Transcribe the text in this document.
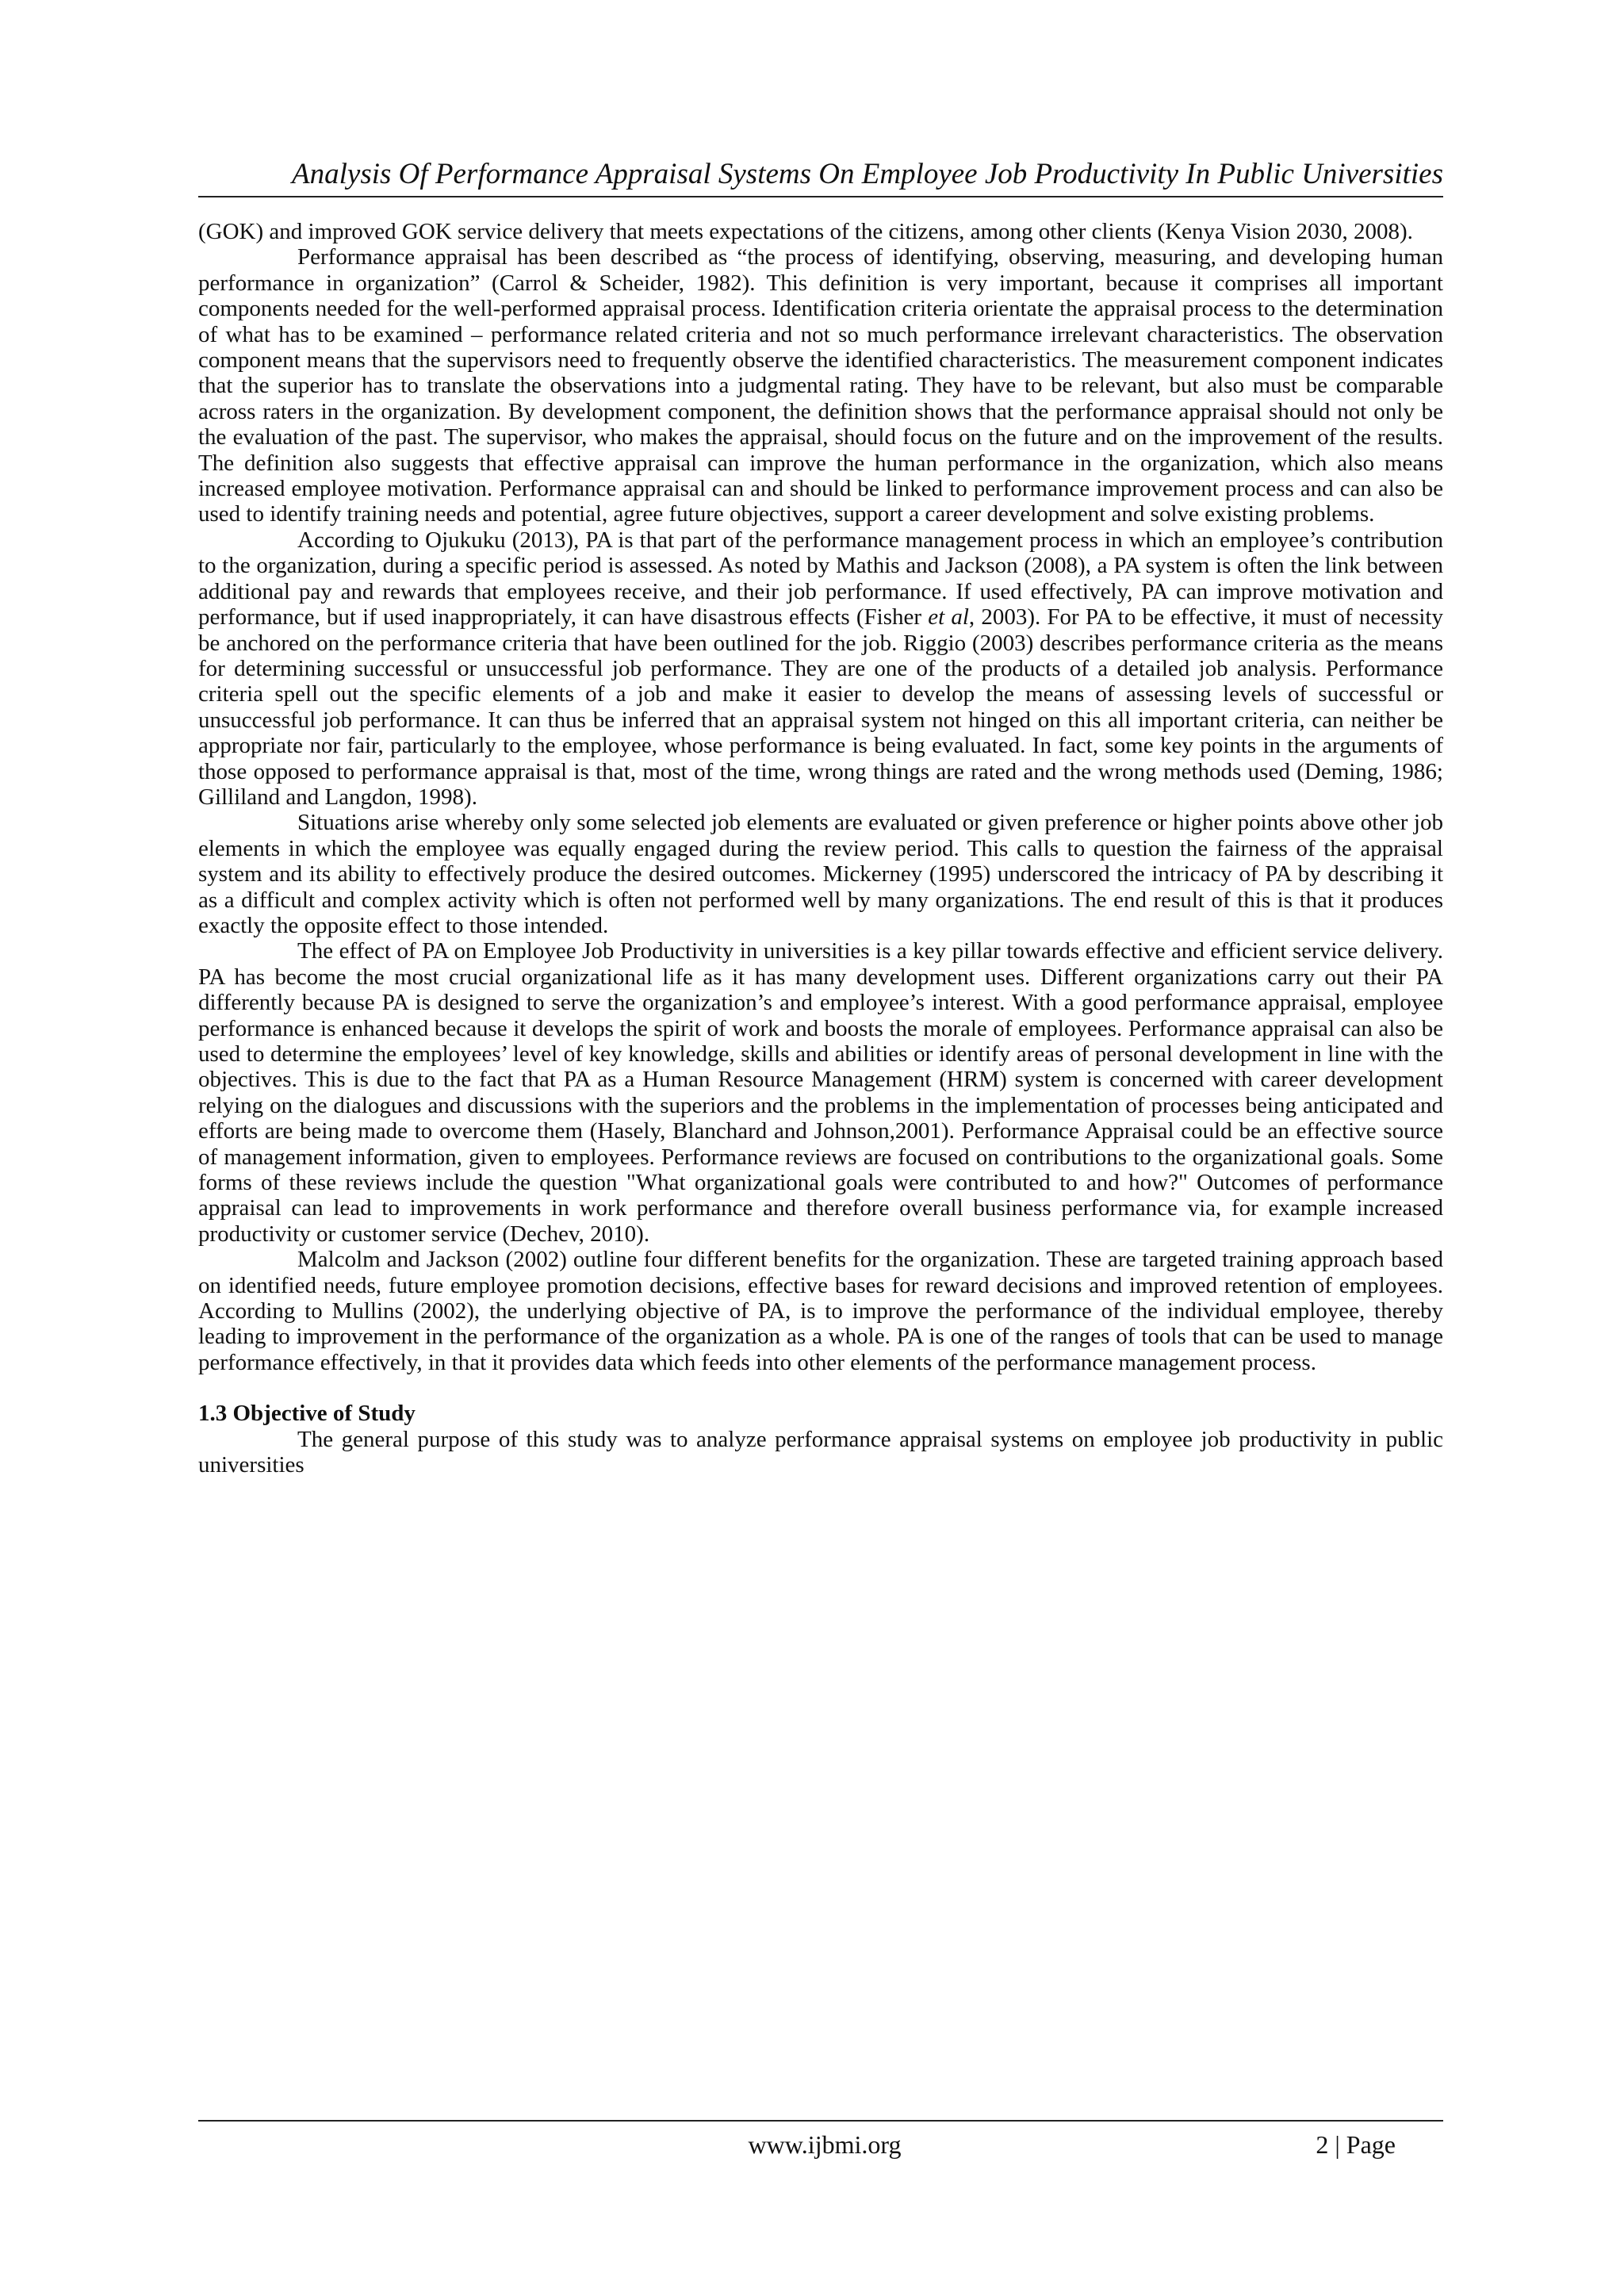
Analysis Of Performance Appraisal Systems On Employee Job Productivity In Public Universities

(GOK) and improved GOK service delivery that meets expectations of the citizens, among other clients (Kenya Vision 2030, 2008).

Performance appraisal has been described as “the process of identifying, observing, measuring, and developing human performance in organization” (Carrol & Scheider, 1982). This definition is very important, because it comprises all important components needed for the well-performed appraisal process. Identification criteria orientate the appraisal process to the determination of what has to be examined – performance related criteria and not so much performance irrelevant characteristics. The observation component means that the supervisors need to frequently observe the identified characteristics. The measurement component indicates that the superior has to translate the observations into a judgmental rating. They have to be relevant, but also must be comparable across raters in the organization. By development component, the definition shows that the performance appraisal should not only be the evaluation of the past. The supervisor, who makes the appraisal, should focus on the future and on the improvement of the results. The definition also suggests that effective appraisal can improve the human performance in the organization, which also means increased employee motivation. Performance appraisal can and should be linked to performance improvement process and can also be used to identify training needs and potential, agree future objectives, support a career development and solve existing problems.

According to Ojukuku (2013), PA is that part of the performance management process in which an employee’s contribution to the organization, during a specific period is assessed. As noted by Mathis and Jackson (2008), a PA system is often the link between additional pay and rewards that employees receive, and their job performance. If used effectively, PA can improve motivation and performance, but if used inappropriately, it can have disastrous effects (Fisher et al, 2003). For PA to be effective, it must of necessity be anchored on the performance criteria that have been outlined for the job. Riggio (2003) describes performance criteria as the means for determining successful or unsuccessful job performance. They are one of the products of a detailed job analysis. Performance criteria spell out the specific elements of a job and make it easier to develop the means of assessing levels of successful or unsuccessful job performance. It can thus be inferred that an appraisal system not hinged on this all important criteria, can neither be appropriate nor fair, particularly to the employee, whose performance is being evaluated. In fact, some key points in the arguments of those opposed to performance appraisal is that, most of the time, wrong things are rated and the wrong methods used (Deming, 1986; Gilliland and Langdon, 1998).

Situations arise whereby only some selected job elements are evaluated or given preference or higher points above other job elements in which the employee was equally engaged during the review period. This calls to question the fairness of the appraisal system and its ability to effectively produce the desired outcomes. Mickerney (1995) underscored the intricacy of PA by describing it as a difficult and complex activity which is often not performed well by many organizations. The end result of this is that it produces exactly the opposite effect to those intended.

The effect of PA on Employee Job Productivity in universities is a key pillar towards effective and efficient service delivery. PA has become the most crucial organizational life as it has many development uses. Different organizations carry out their PA differently because PA is designed to serve the organization’s and employee’s interest. With a good performance appraisal, employee performance is enhanced because it develops the spirit of work and boosts the morale of employees. Performance appraisal can also be used to determine the employees’ level of key knowledge, skills and abilities or identify areas of personal development in line with the objectives. This is due to the fact that PA as a Human Resource Management (HRM) system is concerned with career development relying on the dialogues and discussions with the superiors and the problems in the implementation of processes being anticipated and efforts are being made to overcome them (Hasely, Blanchard and Johnson,2001). Performance Appraisal could be an effective source of management information, given to employees. Performance reviews are focused on contributions to the organizational goals. Some forms of these reviews include the question "What organizational goals were contributed to and how?" Outcomes of performance appraisal can lead to improvements in work performance and therefore overall business performance via, for example increased productivity or customer service (Dechev, 2010).

Malcolm and Jackson (2002) outline four different benefits for the organization. These are targeted training approach based on identified needs, future employee promotion decisions, effective bases for reward decisions and improved retention of employees. According to Mullins (2002), the underlying objective of PA, is to improve the performance of the individual employee, thereby leading to improvement in the performance of the organization as a whole. PA is one of the ranges of tools that can be used to manage performance effectively, in that it provides data which feeds into other elements of the performance management process.

1.3 Objective of Study

The general purpose of this study was to analyze performance appraisal systems on employee job productivity in public universities

www.ijbmi.org	2 | Page
